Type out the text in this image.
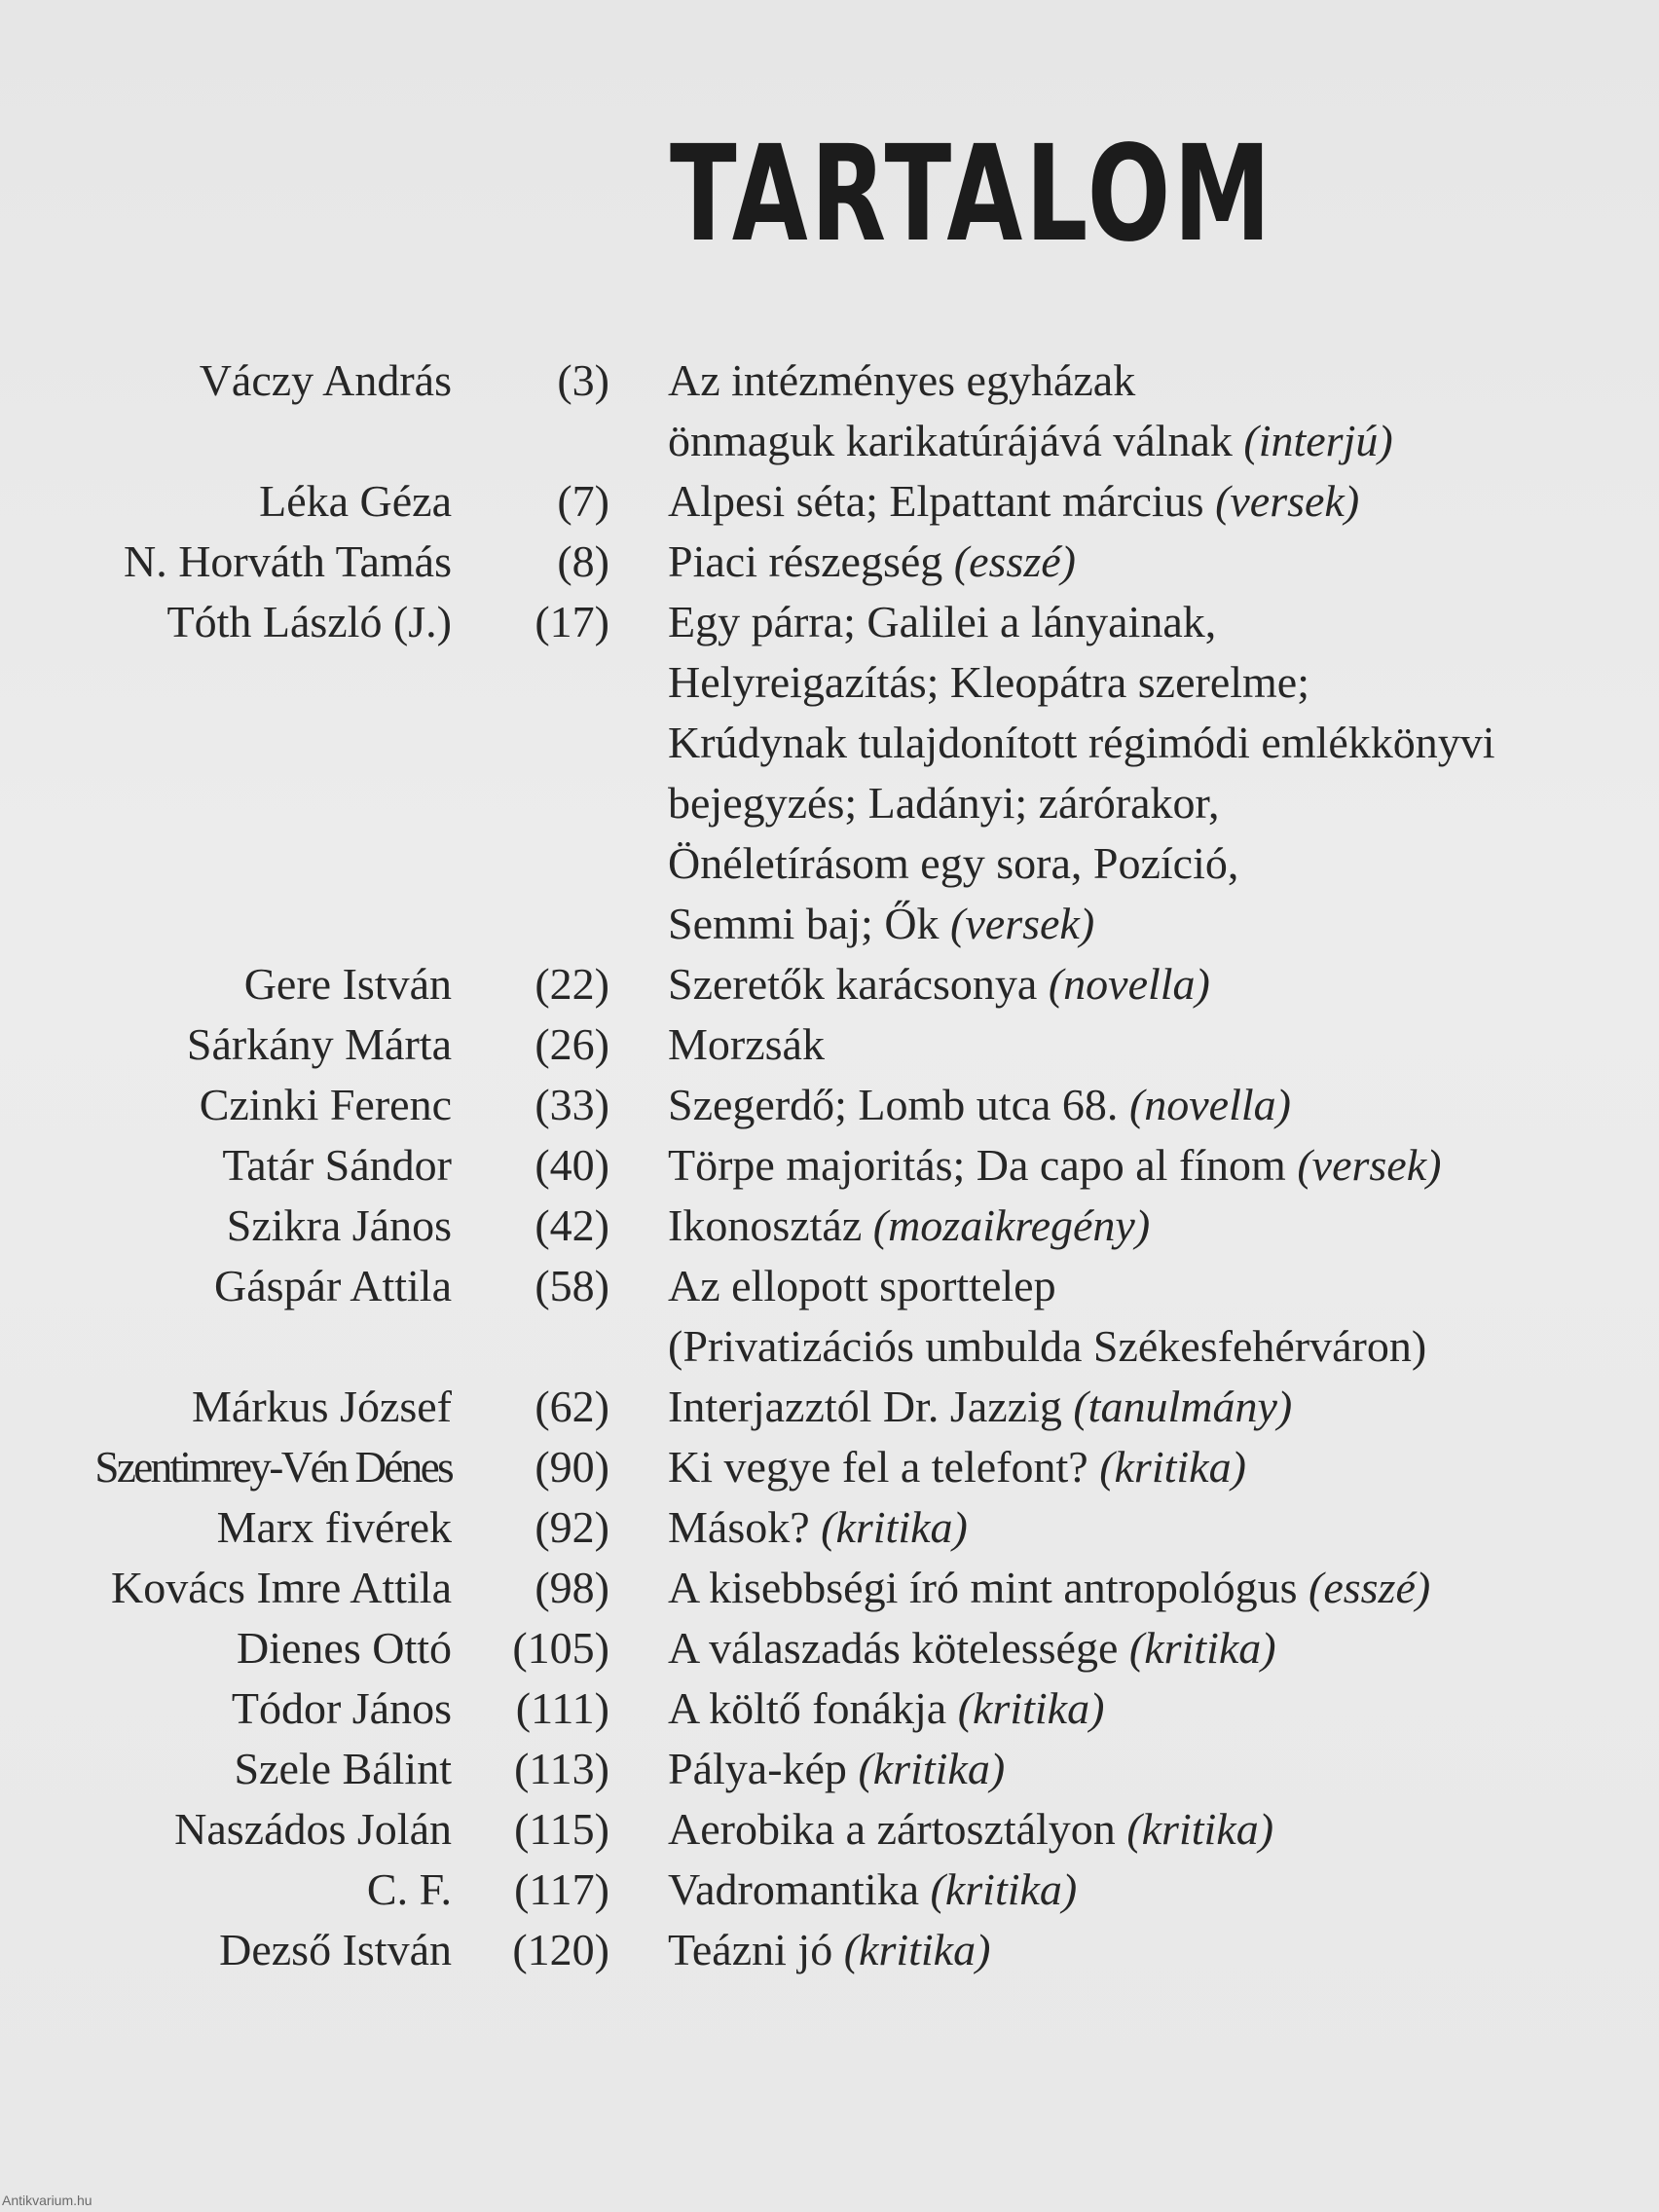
TARTALOM
Váczy András (3) Az intézményes egyházak
önmaguk karikatúrájává válnak (interjú)
Léka Géza (7) Alpesi séta; Elpattant március (versek)
N. Horváth Tamás (8) Piaci részegség (esszé)
Tóth László (J.) (17) Egy párra; Galilei a lányainak,
Helyreigazítás; Kleopátra szerelme;
Krúdynak tulajdonított régimódi emlékkönyvi
bejegyzés; Ladányi; zárórakor,
Önéletírásom egy sora, Pozíció,
Semmi baj; Ők (versek)
Gere István (22) Szeretők karácsonya (novella)
Sárkány Márta (26) Morzsák
Czinki Ferenc (33) Szegerdő; Lomb utca 68. (novella)
Tatár Sándor (40) Törpe majoritás; Da capo al fínom (versek)
Szikra János (42) Ikonosztáz (mozaikregény)
Gáspár Attila (58) Az ellopott sporttelep
(Privatizációs umbulda Székesfehérváron)
Márkus József (62) Interjazztól Dr. Jazzig (tanulmány)
Szentimrey-Vén Dénes (90) Ki vegye fel a telefont? (kritika)
Marx fivérek (92) Mások? (kritika)
Kovács Imre Attila (98) A kisebbségi író mint antropológus (esszé)
Dienes Ottó (105) A válaszadás kötelessége (kritika)
Tódor János (111) A költő fonákja (kritika)
Szele Bálint (113) Pálya-kép (kritika)
Naszádos Jolán (115) Aerobika a zártosztályon (kritika)
C. F. (117) Vadromantika (kritika)
Dezső István (120) Teázni jó (kritika)
Antikvarium.hu
